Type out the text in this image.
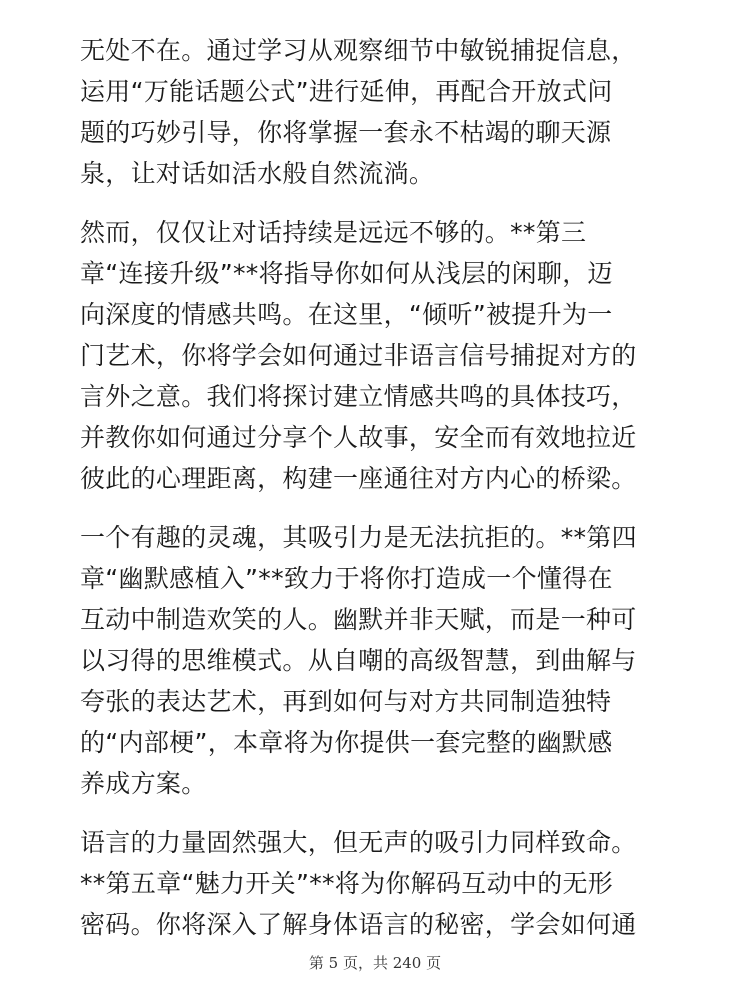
无处不在。通过学习从观察细节中敏锐捕捉信息，
运用“万能话题公式”进行延伸，再配合开放式问
题的巧妙引导，你将掌握一套永不枯竭的聊天源
泉，让对话如活水般自然流淌。
然而，仅仅让对话持续是远远不够的。**第三
章“连接升级”**将指导你如何从浅层的闲聊，迈
向深度的情感共鸣。在这里，“倾听”被提升为一
门艺术，你将学会如何通过非语言信号捕捉对方的
言外之意。我们将探讨建立情感共鸣的具体技巧，
并教你如何通过分享个人故事，安全而有效地拉近
彼此的心理距离，构建一座通往对方内心的桥梁。
一个有趣的灵魂，其吸引力是无法抗拒的。**第四
章“幽默感植入”**致力于将你打造成一个懂得在
互动中制造欢笑的人。幽默并非天赋，而是一种可
以习得的思维模式。从自嘲的高级智慧，到曲解与
夸张的表达艺术，再到如何与对方共同制造独特
的“内部梗”，本章将为你提供一套完整的幽默感
养成方案。
语言的力量固然强大，但无声的吸引力同样致命。
**第五章“魅力开关”**将为你解码互动中的无形
密码。你将深入了解身体语言的秘密，学会如何通
第 5 页，共 240 页
